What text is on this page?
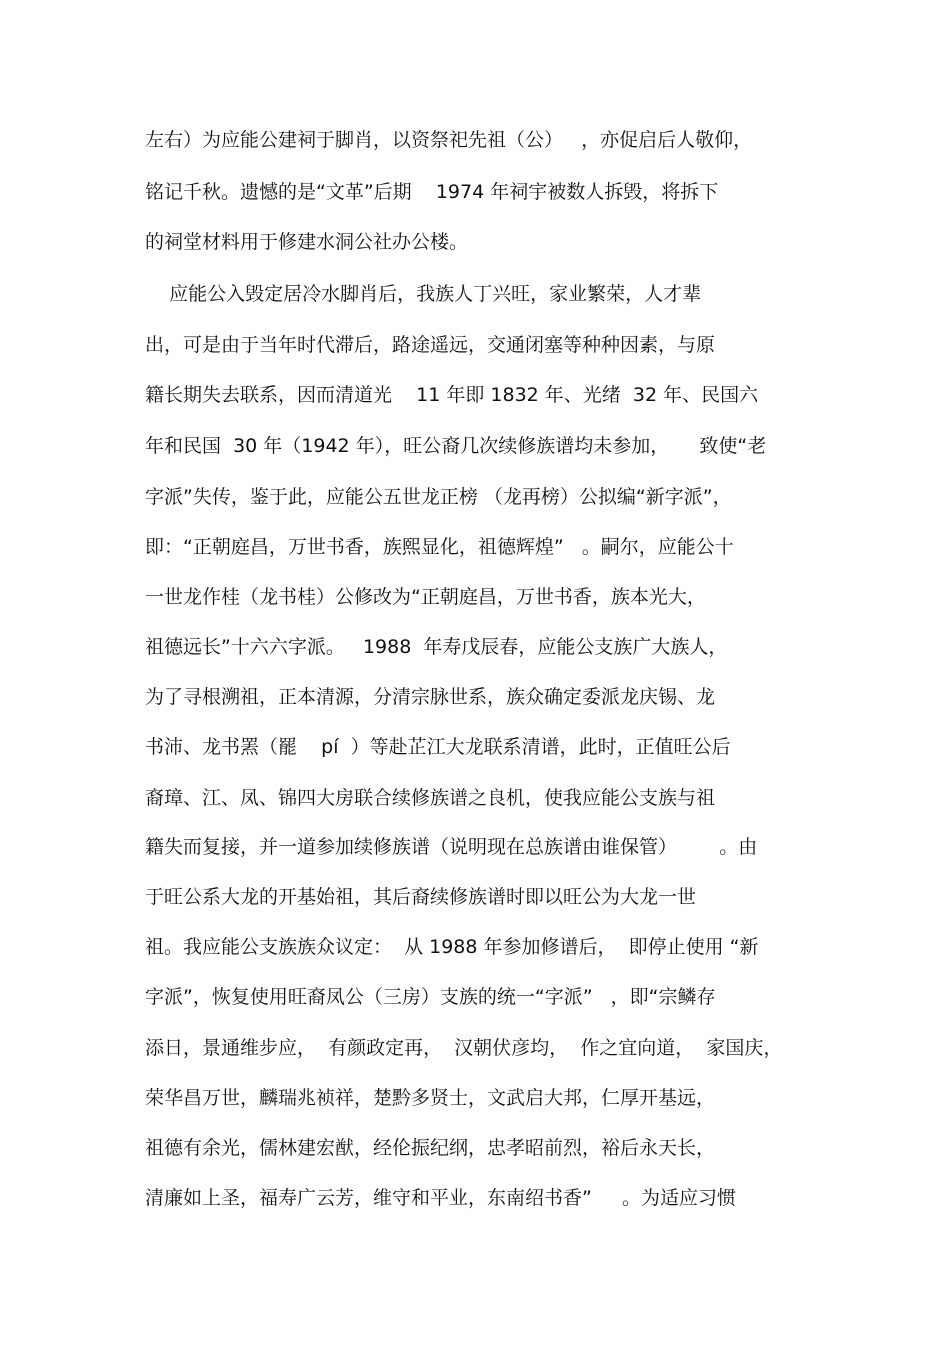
左右）为应能公建祠于脚肖，以资祭祀先祖（公）   ，亦促启后人敬仰，
铭记千秋。遗憾的是“文革”后期    1974 年祠宇被数人拆毁，将拆下
的祠堂材料用于修建水洞公社办公楼。
应能公入毁定居冷水脚肖后，我族人丁兴旺，家业繁荣，人才辈
出，可是由于当年时代滞后，路途遥远，交通闭塞等种种因素，与原
籍长期失去联系，因而清道光    11 年即 1832 年、光绪  32 年、民国六
年和民国  30 年（1942 年），旺公裔几次续修族谱均未参加，     致使“老
字派”失传，鉴于此，应能公五世龙正榜 （龙再榜）公拟编“新字派”，
即：“正朝庭昌，万世书香，族熙显化，祖德辉煌”   。嗣尔，应能公十
一世龙作桂（龙书桂）公修改为“正朝庭昌，万世书香，族本光大，
祖德远长”十六六字派。   1988  年寿戊辰春，应能公支族广大族人，
为了寻根溯祖，正本清源，分清宗脉世系，族众确定委派龙庆锡、龙
书沛、龙书罴（罷    pí  ）等赴芷江大龙联系清谱，此时，正值旺公后
裔璋、江、凤、锦四大房联合续修族谱之良机，使我应能公支族与祖
籍失而复接，并一道参加续修族谱（说明现在总族谱由谁保管）       。由
于旺公系大龙的开基始祖，其后裔续修族谱时即以旺公为大龙一世
祖。我应能公支族族众议定：  从 1988 年参加修谱后，  即停止使用 “新
字派”，恢复使用旺裔凤公（三房）支族的统一“字派”   ，即“宗鳞存
添日，景通维步应，  有颜政定再，  汉朝伏彦均，  作之宜向道，  家国庆，
荣华昌万世，麟瑞兆祯祥，楚黔多贤士，文武启大邦，仁厚开基远，
祖德有余光，儒林建宏猷，经伦振纪纲，忠孝昭前烈，裕后永天长，
清廉如上圣，福寿广云芳，维守和平业，东南绍书香”     。为适应习惯
